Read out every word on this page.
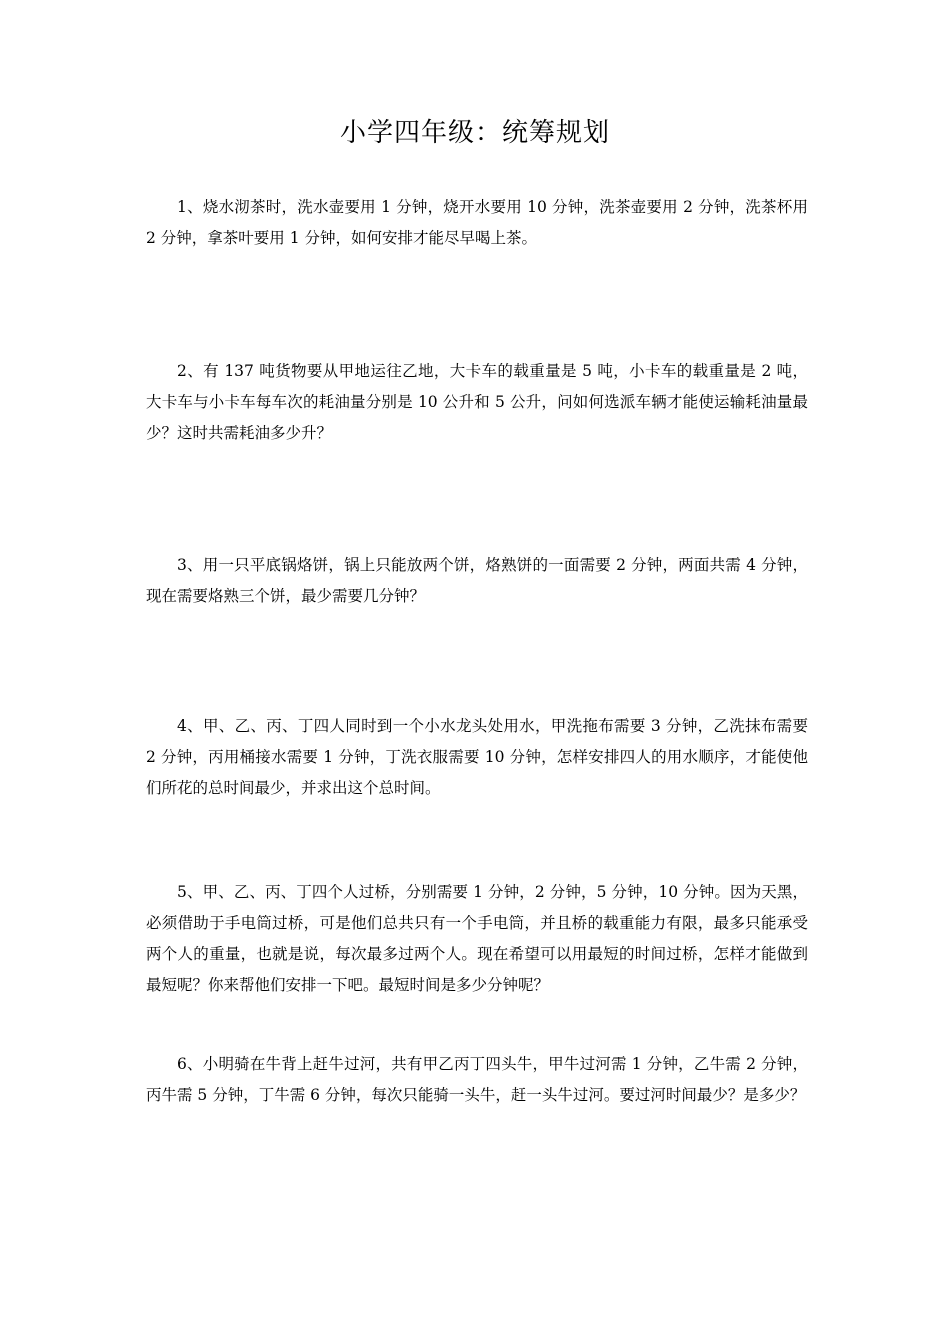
小学四年级：统筹规划

1、烧水沏茶时，洗水壶要用 1 分钟，烧开水要用 10 分钟，洗茶壶要用 2 分钟，洗茶杯用 2 分钟，拿茶叶要用 1 分钟，如何安排才能尽早喝上茶。

2、有 137 吨货物要从甲地运往乙地，大卡车的载重量是 5 吨，小卡车的载重量是 2 吨，大卡车与小卡车每车次的耗油量分别是 10 公升和 5 公升，问如何选派车辆才能使运输耗油量最少？这时共需耗油多少升？

3、用一只平底锅烙饼，锅上只能放两个饼，烙熟饼的一面需要 2 分钟，两面共需 4 分钟，现在需要烙熟三个饼，最少需要几分钟？

4、甲、乙、丙、丁四人同时到一个小水龙头处用水，甲洗拖布需要 3 分钟，乙洗抹布需要 2 分钟，丙用桶接水需要 1 分钟，丁洗衣服需要 10 分钟，怎样安排四人的用水顺序，才能使他们所花的总时间最少，并求出这个总时间。

5、甲、乙、丙、丁四个人过桥，分别需要 1 分钟，2 分钟，5 分钟，10 分钟。因为天黑，必须借助于手电筒过桥，可是他们总共只有一个手电筒，并且桥的载重能力有限，最多只能承受两个人的重量，也就是说，每次最多过两个人。现在希望可以用最短的时间过桥，怎样才能做到最短呢？你来帮他们安排一下吧。最短时间是多少分钟呢？

6、小明骑在牛背上赶牛过河，共有甲乙丙丁四头牛，甲牛过河需 1 分钟，乙牛需 2 分钟，丙牛需 5 分钟，丁牛需 6 分钟，每次只能骑一头牛，赶一头牛过河。要过河时间最少？是多少？
